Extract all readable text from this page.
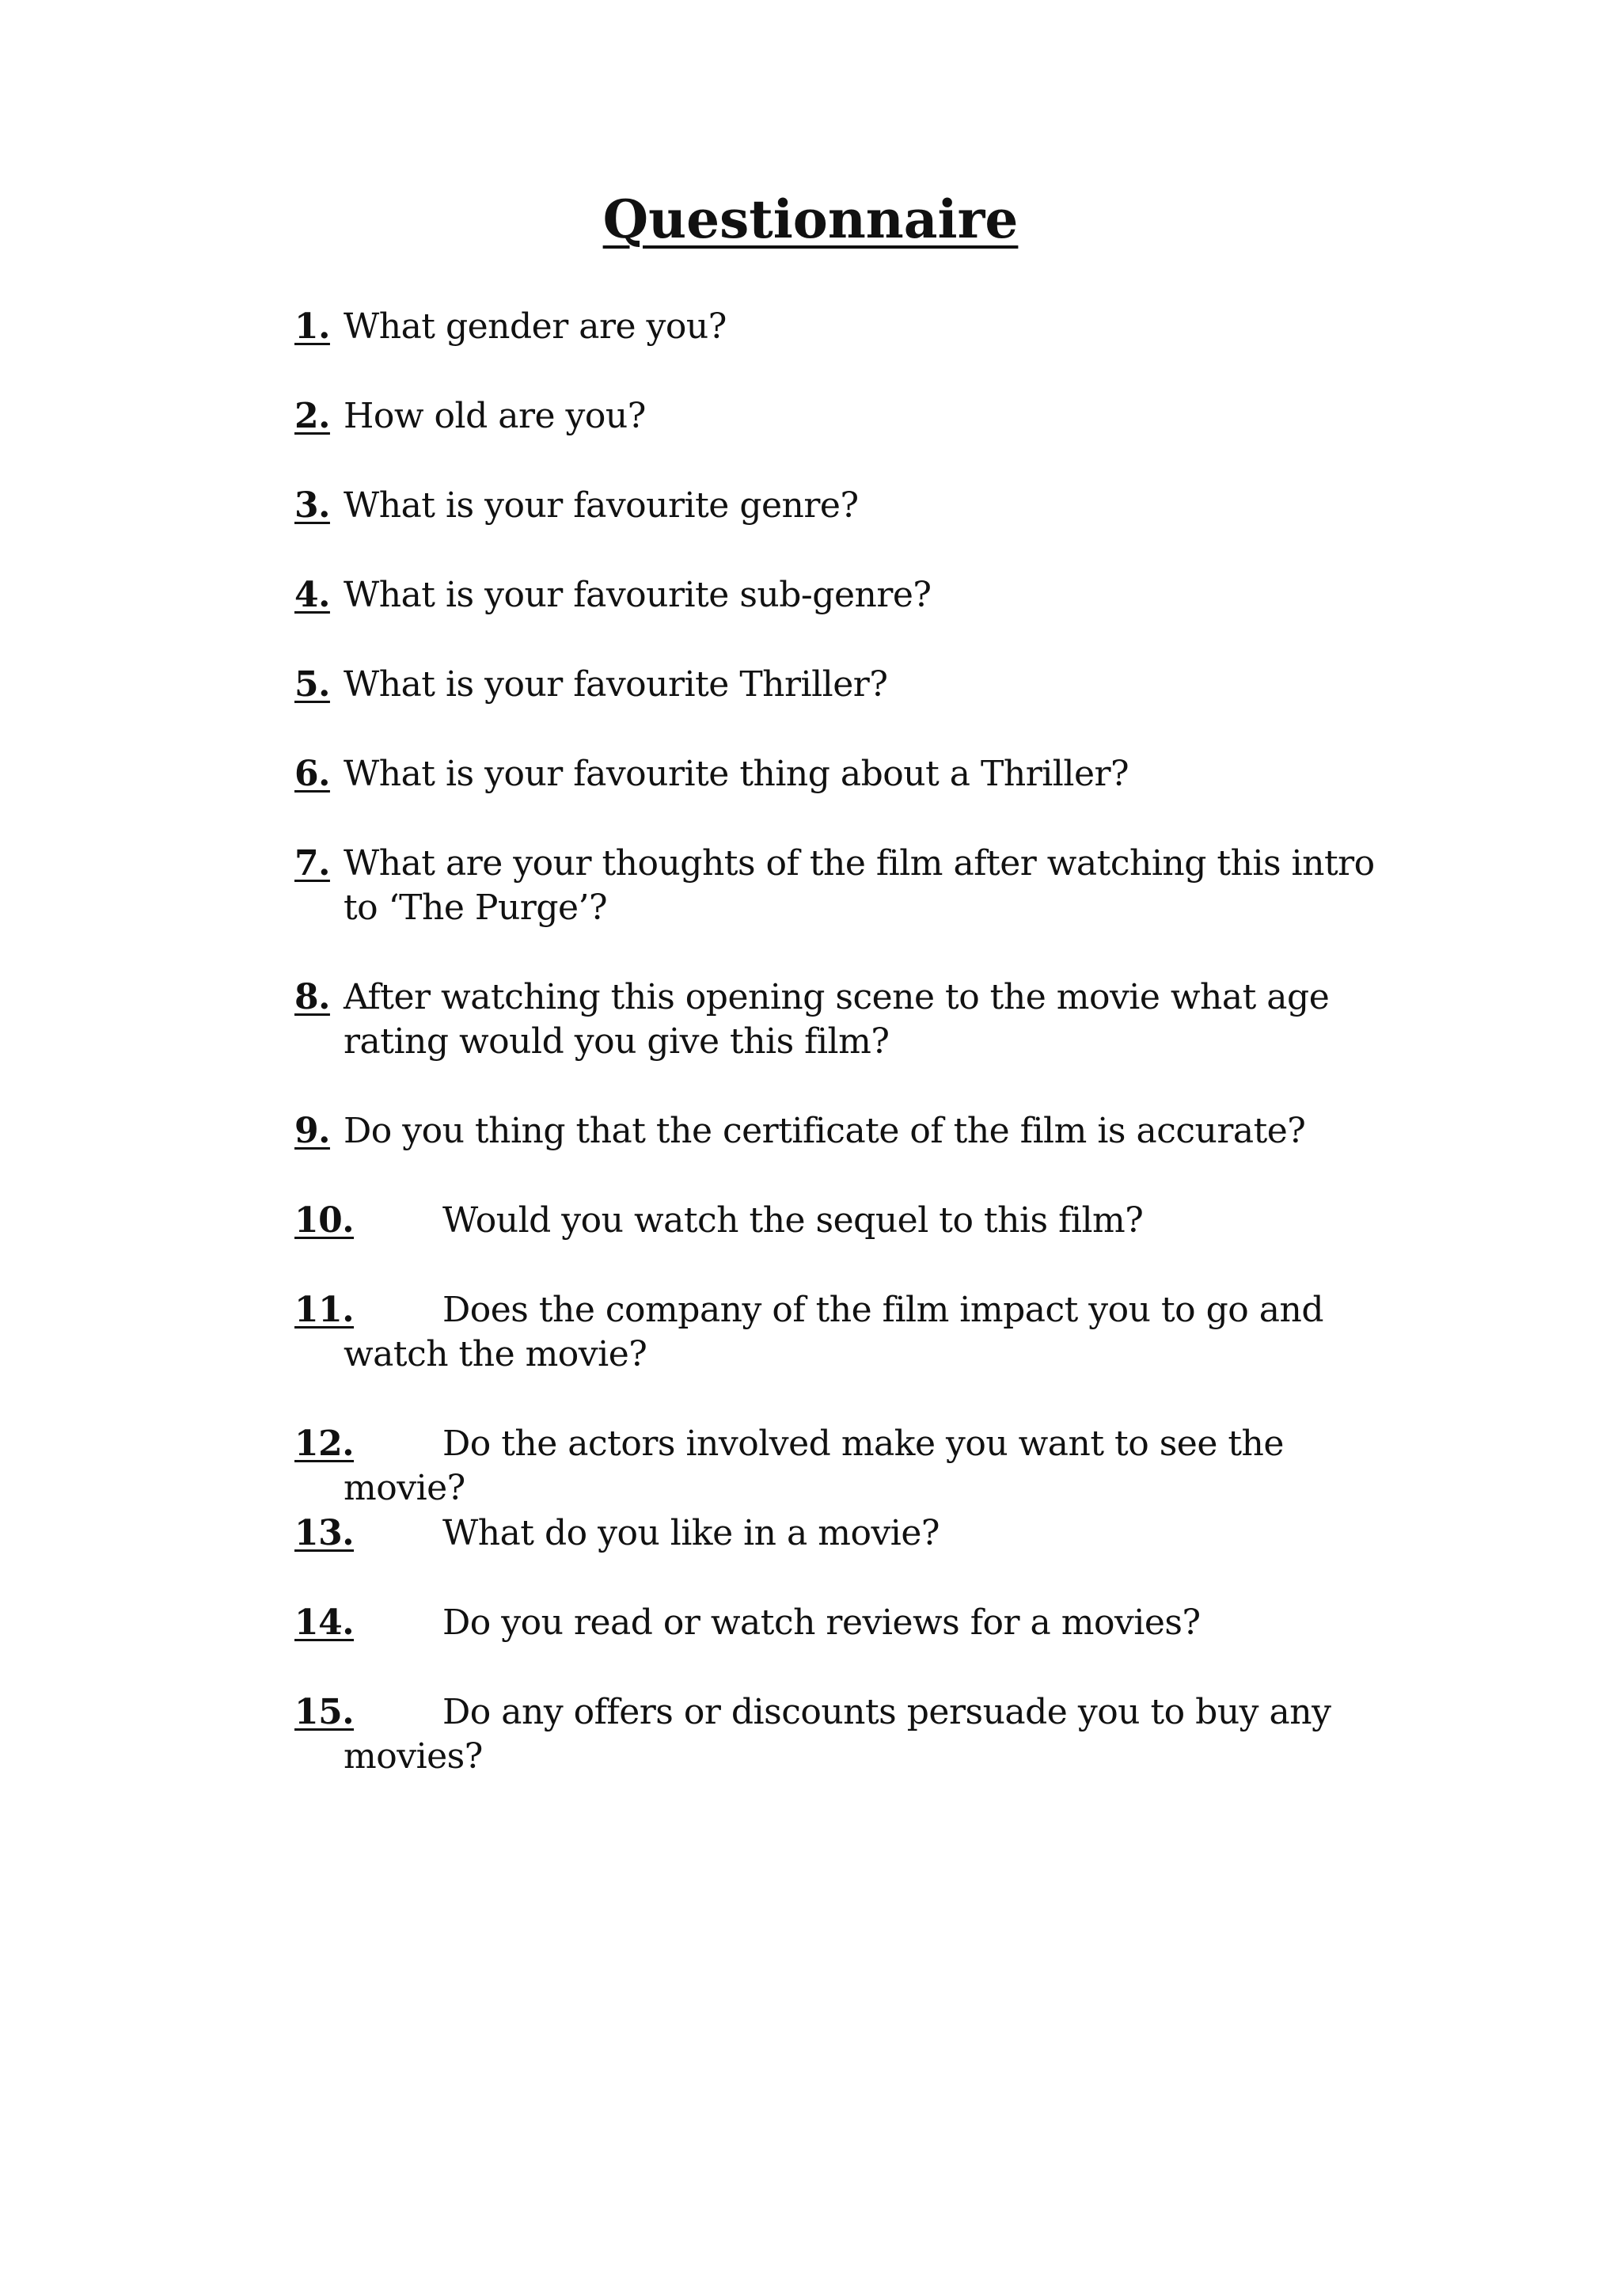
Questionnaire
1. What gender are you?
2. How old are you?
3. What is your favourite genre?
4. What is your favourite sub-genre?
5. What is your favourite Thriller?
6. What is your favourite thing about a Thriller?
7. What are your thoughts of the film after watching this intro to ‘The Purge’?
8. After watching this opening scene to the movie what age rating would you give this film?
9. Do you thing that the certificate of the film is accurate?
10.	Would you watch the sequel to this film?
11.	Does the company of the film impact you to go and watch the movie?
12.	Do the actors involved make you want to see the movie?
13.	What do you like in a movie?
14.	Do you read or watch reviews for a movies?
15.	Do any offers or discounts persuade you to buy any movies?
